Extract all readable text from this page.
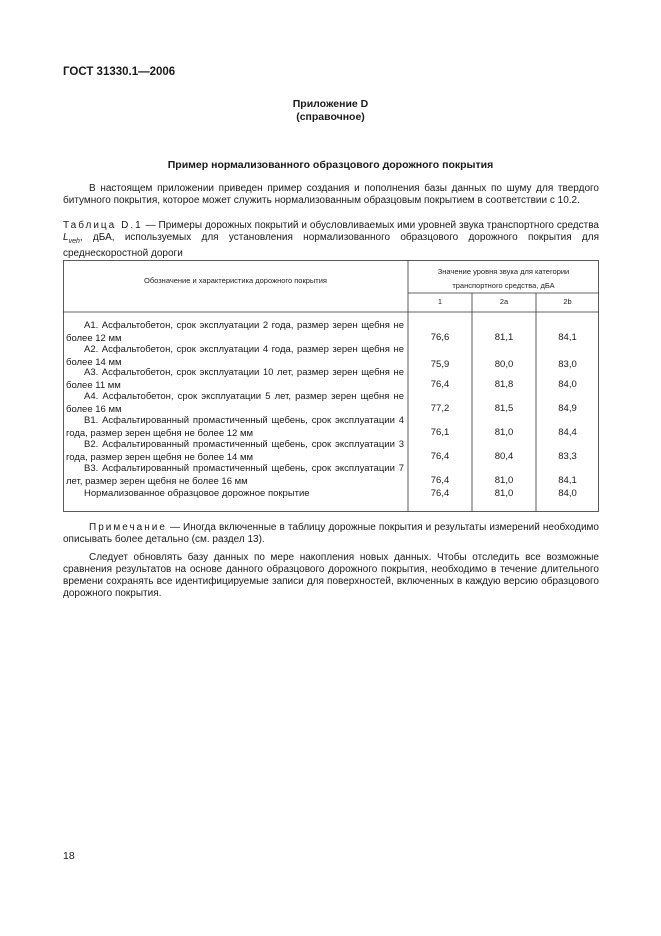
ГОСТ 31330.1—2006
Приложение D
(справочное)
Пример нормализованного образцового дорожного покрытия
В настоящем приложении приведен пример создания и пополнения базы данных по шуму для твердого битумного покрытия, которое может служить нормализованным образцовым покрытием в соответствии с 10.2.
Таблица D.1 — Примеры дорожных покрытий и обусловливаемых ими уровней звука транспортного средства $L_{veh}$, дБА, используемых для установления нормализованного образцового дорожного покрытия для среднескоростной дороги
Обозначение и характеристика дорожного покрытия
Значение уровня звука для категории транспортного средства, дБА
1	2a	2b
A1. Асфальтобетон, срок эксплуатации 2 года, размер зерен щебня не более 12 мм	76,6	81,1	84,1
A2. Асфальтобетон, срок эксплуатации 4 года, размер зерен щебня не более 14 мм	75,9	80,0	83,0
A3. Асфальтобетон, срок эксплуатации 10 лет, размер зерен щебня не более 11 мм	76,4	81,8	84,0
A4. Асфальтобетон, срок эксплуатации 5 лет, размер зерен щебня не более 16 мм	77,2	81,5	84,9
B1. Асфальтированный промастиченный щебень, срок эксплуатации 4 года, размер зерен щебня не более 12 мм	76,1	81,0	84,4
B2. Асфальтированный промастиченный щебень, срок эксплуатации 3 года, размер зерен щебня не более 14 мм	76,4	80,4	83,3
B3. Асфальтированный промастиченный щебень, срок эксплуатации 7 лет, размер зерен щебня не более 16 мм	76,4	81,0	84,1
Нормализованное образцовое дорожное покрытие	76,4	81,0	84,0
Примечание — Иногда включенные в таблицу дорожные покрытия и результаты измерений необходимо описывать более детально (см. раздел 13).
Следует обновлять базу данных по мере накопления новых данных. Чтобы отследить все возможные сравнения результатов на основе данного образцового дорожного покрытия, необходимо в течение длительного времени сохранять все идентифицируемые записи для поверхностей, включенных в каждую версию образцового дорожного покрытия.
18
